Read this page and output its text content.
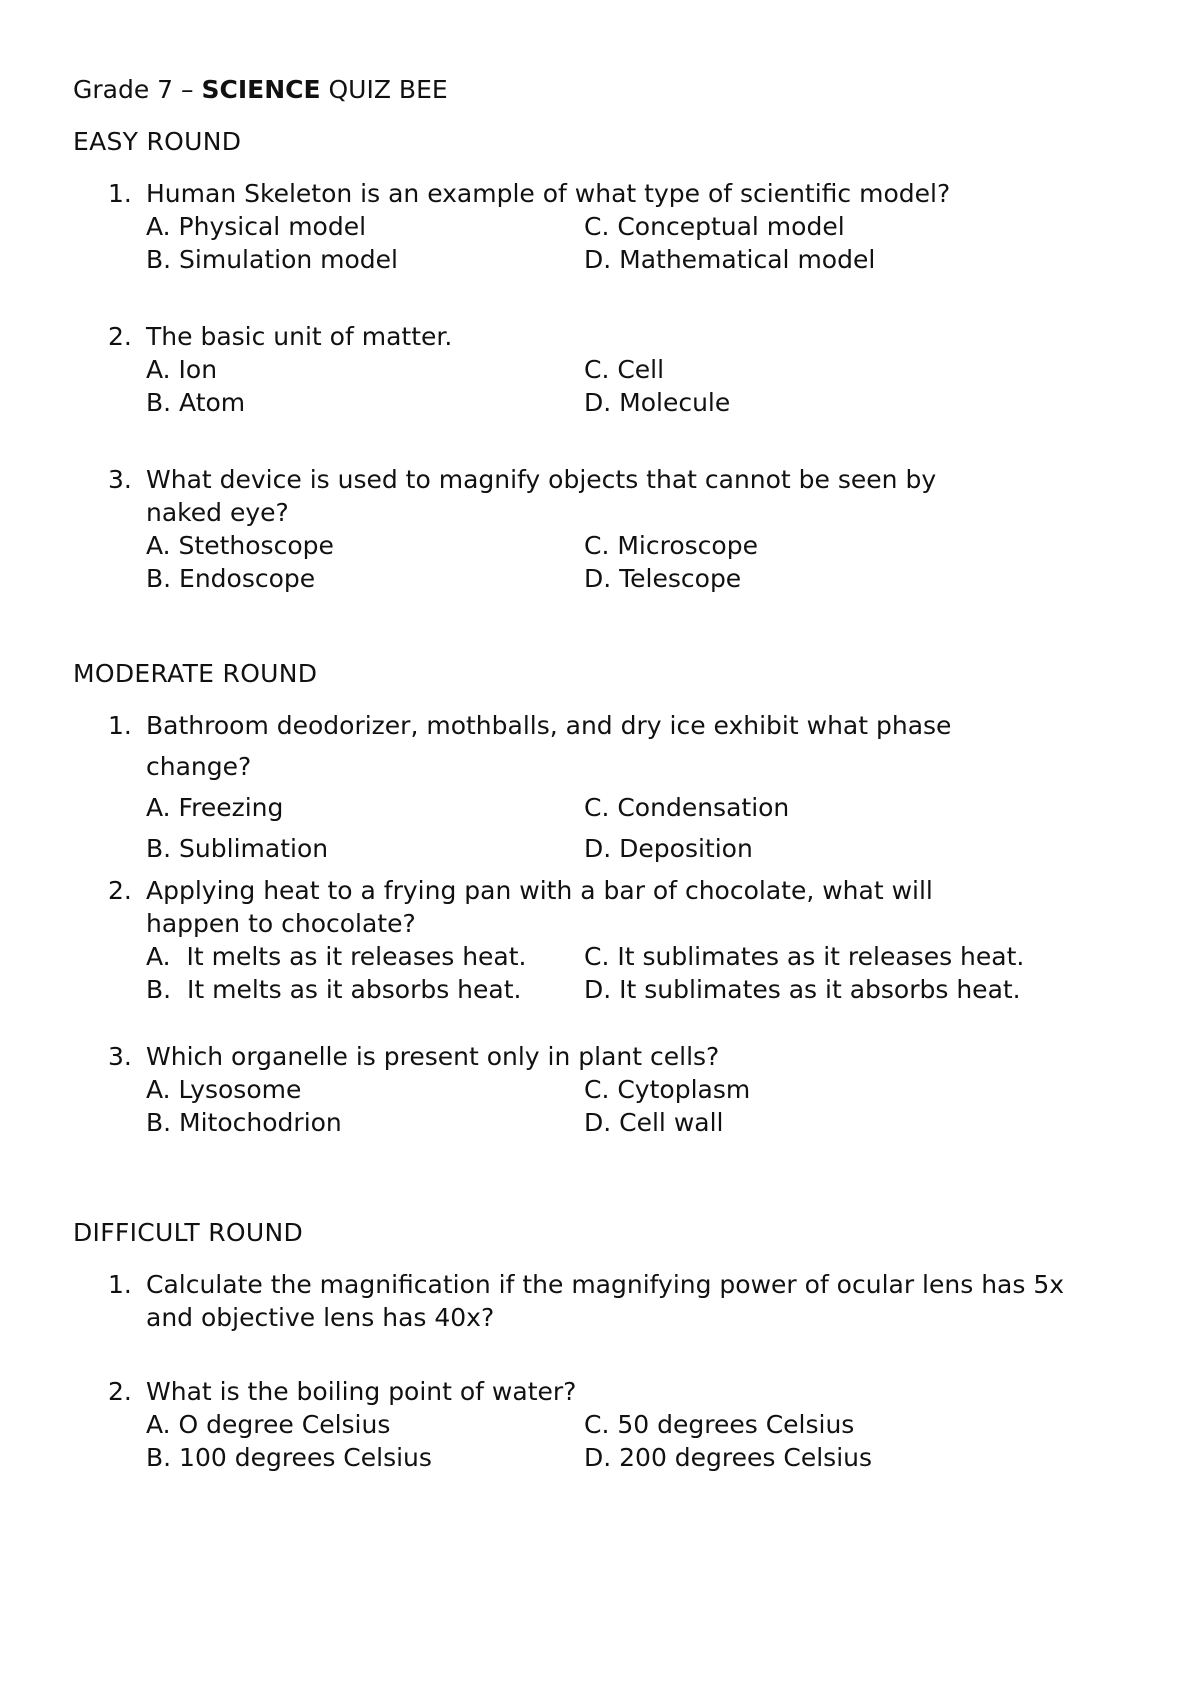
Grade 7 – SCIENCE QUIZ BEE
EASY ROUND
1. Human Skeleton is an example of what type of scientific model?
A. Physical model	C. Conceptual model
B. Simulation model	D. Mathematical model
2. The basic unit of matter.
A. Ion	C. Cell
B. Atom	D. Molecule
3. What device is used to magnify objects that cannot be seen by
naked eye?
A. Stethoscope	C. Microscope
B. Endoscope	D. Telescope
MODERATE ROUND
1. Bathroom deodorizer, mothballs, and dry ice exhibit what phase
change?
A. Freezing	C. Condensation
B. Sublimation	D. Deposition
2. Applying heat to a frying pan with a bar of chocolate, what will
happen to chocolate?
A.  It melts as it releases heat. C. It sublimates as it releases heat.
B.  It melts as it absorbs heat.	D. It sublimates as it absorbs heat.
3. Which organelle is present only in plant cells?
A. Lysosome	C. Cytoplasm
B. Mitochodrion	D. Cell wall
DIFFICULT ROUND
1. Calculate the magnification if the magnifying power of ocular lens has 5x
and objective lens has 40x?
2. What is the boiling point of water?
A. O degree Celsius	C. 50 degrees Celsius
B. 100 degrees Celsius	D. 200 degrees Celsius
